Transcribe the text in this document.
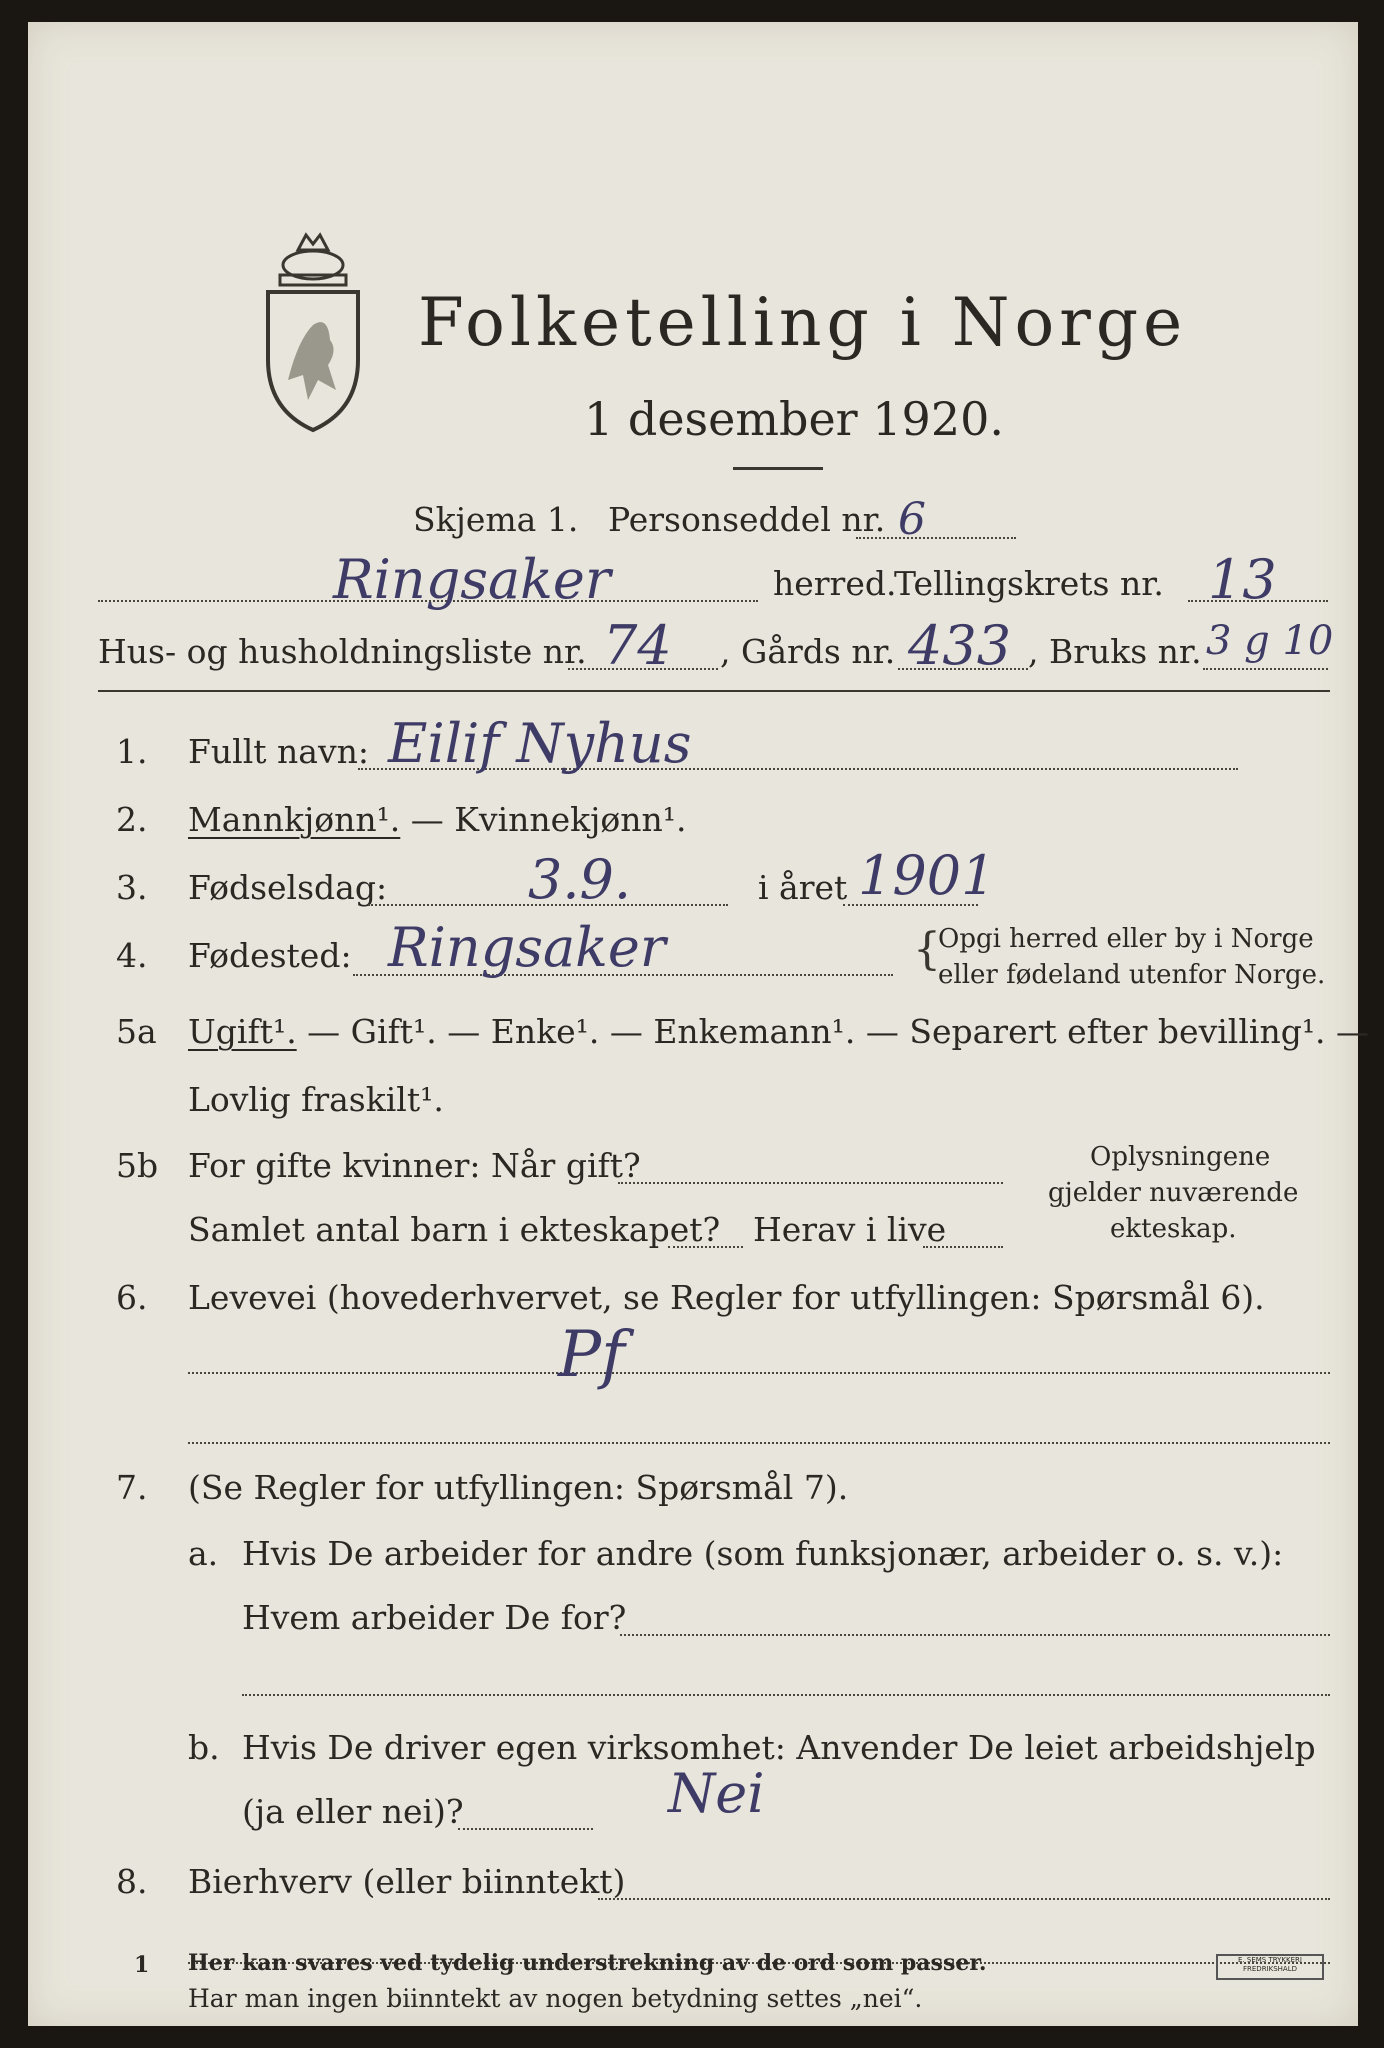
Folketelling i Norge
1 desember 1920.
Skjema 1. Personseddel nr. 6
Ringsaker	herred.
Tellingskrets nr. 13
Hus- og husholdningsliste nr. 74 , Gårds nr. 433 , Bruks nr. 3 g 10
1. Fullt navn: Eilif Nyhus
2. Mannkjønn¹. — Kvinnekjønn¹.
3. Fødselsdag:	3.9.	i året 1901
4. Fødested: Ringsaker	{
Opgi herred eller by i Norge
eller fødeland utenfor Norge.
5a Ugift¹. — Gift¹. — Enke¹. — Enkemann¹. — Separert efter bevilling¹. —
Lovlig fraskilt¹.
5b For gifte kvinner: Når gift?
Samlet antal barn i ekteskapet? Herav i live
Oplysningene
gjelder nuværende
ekteskap.
6. Levevei (hovederhvervet, se Regler for utfyllingen: Spørsmål 6).
Pf
7. (Se Regler for utfyllingen: Spørsmål 7).
a. Hvis De arbeider for andre (som funksjonær, arbeider o. s. v.):
Hvem arbeider De for?
b. Hvis De driver egen virksomhet: Anvender De leiet arbeidshjelp
(ja eller nei)?	Nei
8. Bierhverv (eller biinntekt)
Har man ingen biinntekt av nogen betydning settes „nei“.
1 Her kan svares ved tydelig understrekning av de ord som passer.	E. SEMS TRYKKERI FREDRIKSHALD
